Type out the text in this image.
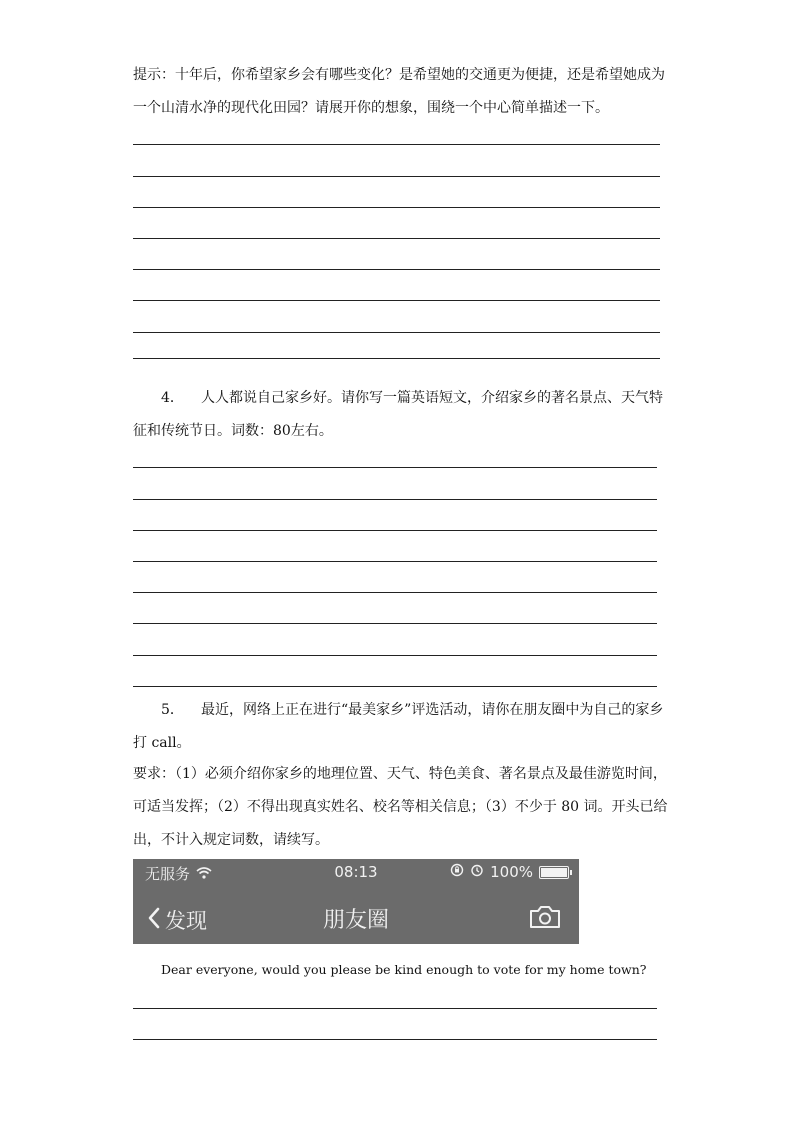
提示：十年后，你希望家乡会有哪些变化？是希望她的交通更为便捷，还是希望她成为一个山清水净的现代化田园？请展开你的想象，围绕一个中心简单描述一下。
4． 人人都说自己家乡好。请你写一篇英语短文，介绍家乡的著名景点、天气特征和传统节日。词数：80左右。
5． 最近，网络上正在进行“最美家乡”评选活动，请你在朋友圈中为自己的家乡打 call。
要求：（1）必须介绍你家乡的地理位置、天气、特色美食、著名景点及最佳游览时间，可适当发挥；（2）不得出现真实姓名、校名等相关信息；（3）不少于 80 词。开头已给出，不计入规定词数，请续写。
无服务	08:13	100%
发现	朋友圈
Dear everyone, would you please be kind enough to vote for my home town?
